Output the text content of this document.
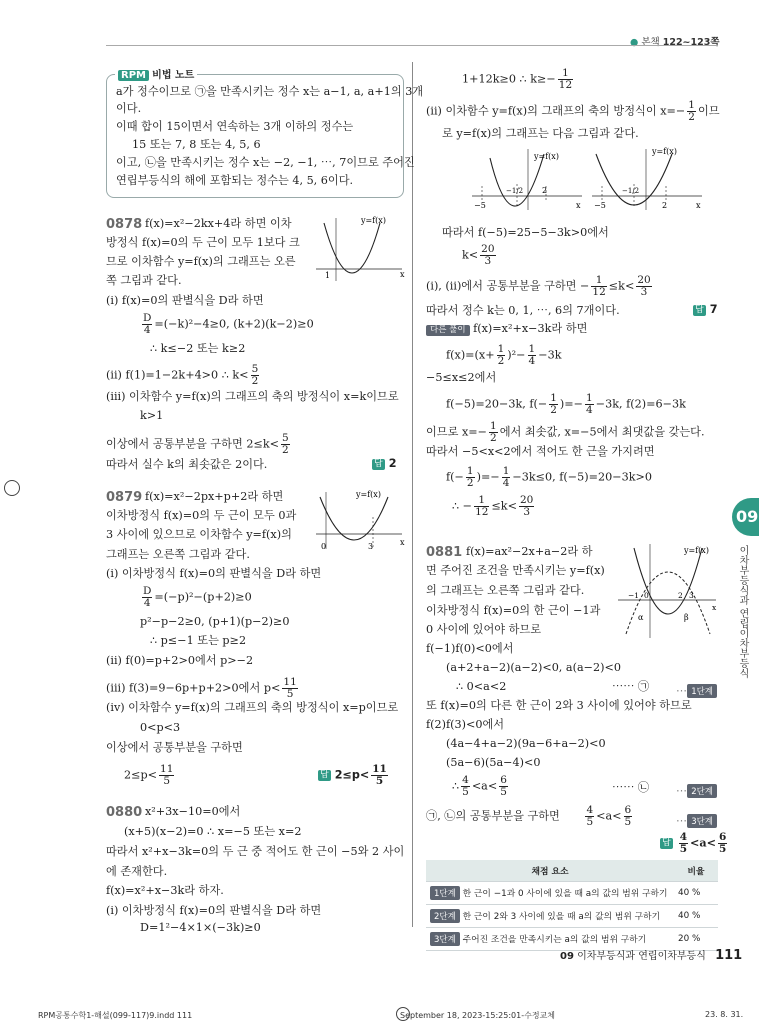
● 본책 122~123쪽
09
이차부등식과 연립이차부등식
RPM 비법 노트
a가 정수이므로 ㉠을 만족시키는 정수 x는 a−1, a, a+1의 3개
이다.
이때 합이 15이면서 연속하는 3개 이하의 정수는
15 또는 7, 8 또는 4, 5, 6
이고, ㉡을 만족시키는 정수 x는 −2, −1, ⋯, 7이므로 주어진
연립부등식의 해에 포함되는 정수는 4, 5, 6이다.
0878 f(x)=x²−2kx+4라 하면 이차
방정식 f(x)=0의 두 근이 모두 1보다 크
므로 이차함수 y=f(x)의 그래프는 오른
쪽 그림과 같다.
(i) f(x)=0의 판별식을 D라 하면
$\frac{D}{4} =(-k)^2-4\ge 0$, (k+2)(k−2)≥0
∴ k≤−2 또는 k≥2
(ii) f(1)=1−2k+4>0 ∴ $k< \frac{5}{2}$
(iii) 이차함수 y=f(x)의 그래프의 축의 방정식이 x=k이므로
k>1
이상에서 공통부분을 구하면 $2\le k< \frac{5}{2}$
따라서 실수 k의 최솟값은 2이다.	답 2
y=f(x)
1	x
0879 f(x)=x²−2px+p+2라 하면
이차방정식 f(x)=0의 두 근이 모두 0과
3 사이에 있으므로 이차함수 y=f(x)의
그래프는 오른쪽 그림과 같다.
(i) 이차방정식 f(x)=0의 판별식을 D라 하면
$\frac{D}{4} =(-p)^2-(p+2)\ge 0$
p²−p−2≥0, (p+1)(p−2)≥0
∴ p≤−1 또는 p≥2
(ii) f(0)=p+2>0에서 p>−2
(iii) f(3)=9−6p+p+2>0에서 $p< \frac{11}{5}$
(iv) 이차함수 y=f(x)의 그래프의 축의 방정식이 x=p이므로
0<p<3
이상에서 공통부분을 구하면
$2\le p< \frac{11}{5}$	답 $2\le p< \frac{11}{5}$
y=f(x)
0	3	x
0880 x²+3x−10=0에서
(x+5)(x−2)=0 ∴ x=−5 또는 x=2
따라서 x²+x−3k=0의 두 근 중 적어도 한 근이 −5와 2 사이
에 존재한다.
f(x)=x²+x−3k라 하자.
(i) 이차방정식 f(x)=0의 판별식을 D라 하면
D=1²−4×1×(−3k)≥0
1+12k≥0 ∴ $k\ge- \frac{1}{12}$
(ii) 이차함수 y=f(x)의 그래프의 축의 방정식이 $x=- \frac{1}{2}$ 이므
로 y=f(x)의 그래프는 다음 그림과 같다.
y=f(x)
−5
−1/2 2
x
y=f(x)
−5
−1/2
2	x
따라서 f(−5)=25−5−3k>0에서
$k< \frac{20}{3}$
(i), (ii)에서 공통부분을 구하면 − $\frac{1}{12} \le k< \frac{20}{3}$
따라서 정수 k는 0, 1, ⋯, 6의 7개이다.	답 7
다른 풀이 f(x)=x²+x−3k라 하면
$f(x)=(x+ \frac{1}{2} )^2- \frac{1}{4} -3k$
−5≤x≤2에서
f(−5)=20−3k, $f(- \frac{1}{2}$ )=− $\frac{1}{4} -3k$, f(2)=6−3k
이므로 $x=- \frac{1}{2}$ 에서 최솟값, x=−5에서 최댓값을 갖는다.
따라서 −5<x<2에서 적어도 한 근을 가지려면
$f(- \frac{1}{2}$ )=− $\frac{1}{4} -3k\le 0$, f(−5)=20−3k>0
∴ − $\frac{1}{12} \le k< \frac{20}{3}$
0881 f(x)=ax²−2x+a−2라 하
면 주어진 조건을 만족시키는 y=f(x)
의 그래프는 오른쪽 그림과 같다.
이차방정식 f(x)=0의 한 근이 −1과
0 사이에 있어야 하므로
f(−1)f(0)<0에서
(a+2+a−2)(a−2)<0, a(a−2)<0
∴ 0<a<2	⋯⋯ ㉠ ⋯ 1단계
또 f(x)=0의 다른 한 근이 2와 3 사이에 있어야 하므로
f(2)f(3)<0에서
(4a−4+a−2)(9a−6+a−2)<0
(5a−6)(5a−4)<0
∴ $\frac{4}{5} <a< \frac{6}{5}$	⋯⋯ ㉡ ⋯ 2단계
㉠, ㉡의 공통부분을 구하면 $\frac{4}{5} <a< \frac{6}{5}$	⋯ 3단계
답 $\frac{4}{5} <a< \frac{6}{5}$
y=f(x)
−1 0	2 3
x
α	β
채점 요소	비율
1단계 한 근이 −1과 0 사이에 있을 때 a의 값의 범위 구하기	40 %
2단계 한 근이 2와 3 사이에 있을 때 a의 값의 범위 구하기	40 %
3단계 주어진 조건을 만족시키는 a의 값의 범위 구하기	20 %
09 이차부등식과 연립이차부등식 111
RPM공통수학1-해설(099-117)9.indd 111	September 18, 2023-15:25:01-수정교체	23. 8. 31.
